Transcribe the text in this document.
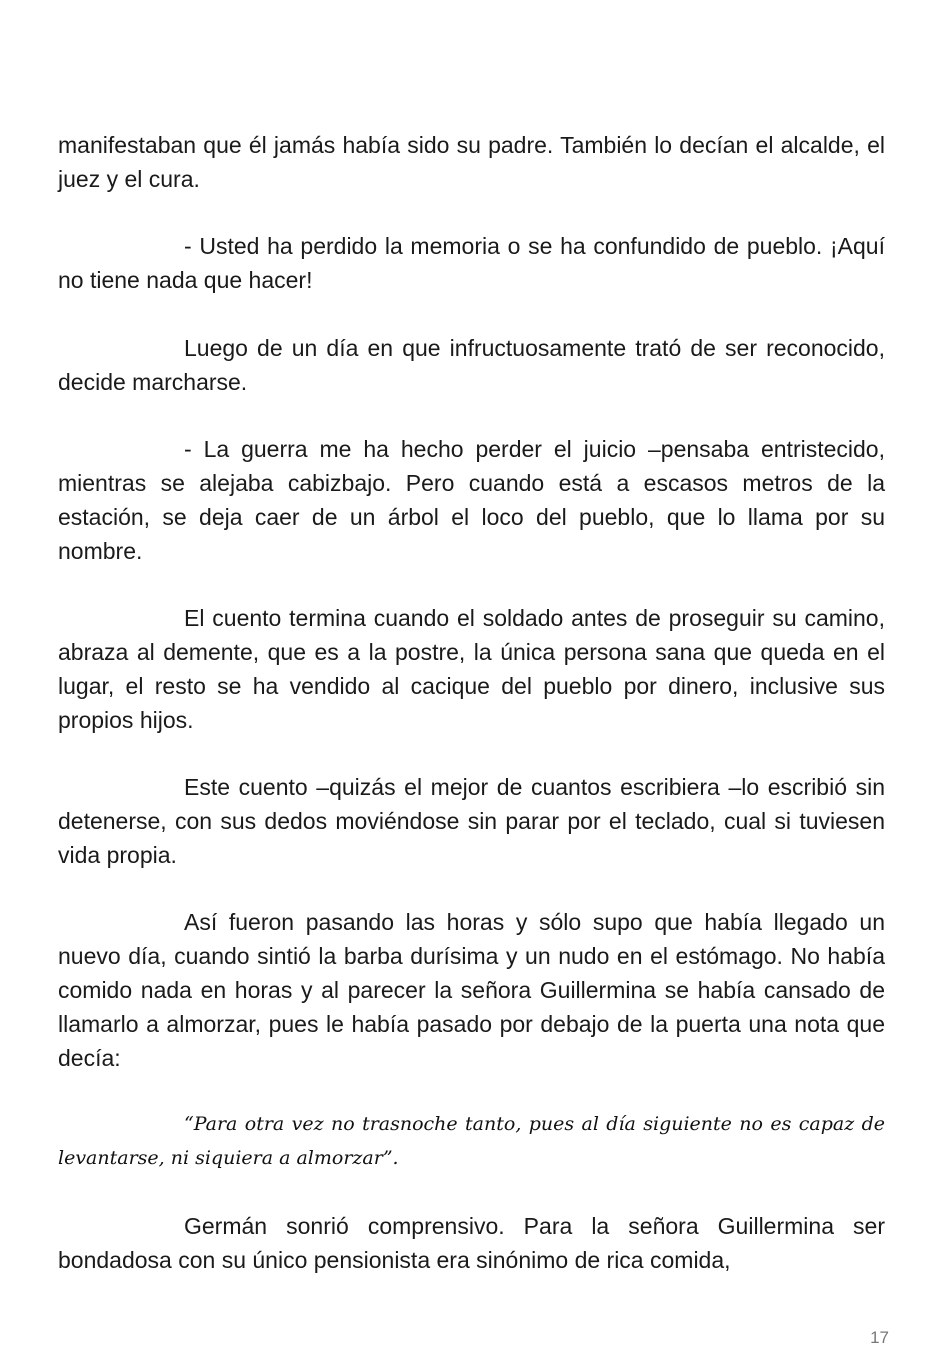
manifestaban que él jamás había sido su padre. También lo decían el alcalde, el juez y el cura.

- Usted ha perdido la memoria o se ha confundido de pueblo. ¡Aquí no tiene nada que hacer!

Luego de un día en que infructuosamente trató de ser reconocido, decide marcharse.

- La guerra me ha hecho perder el juicio –pensaba entristecido, mientras se alejaba cabizbajo. Pero cuando está a escasos metros de la estación, se deja caer de un árbol el loco del pueblo, que lo llama por su nombre.

El cuento termina cuando el soldado antes de proseguir su camino, abraza al demente, que es a la postre, la única persona sana que queda en el lugar, el resto se ha vendido al cacique del pueblo por dinero, inclusive sus propios hijos.

Este cuento –quizás el mejor de cuantos escribiera –lo escribió sin detenerse, con sus dedos moviéndose sin parar por el teclado, cual si tuviesen vida propia.

Así fueron pasando las horas y sólo supo que había llegado un nuevo día, cuando sintió la barba durísima y un nudo en el estómago. No había comido nada en horas y al parecer la señora Guillermina se había cansado de llamarlo a almorzar, pues le había pasado por debajo de la puerta una nota que decía:

“Para otra vez no trasnoche tanto, pues al día siguiente no es capaz de levantarse, ni siquiera a almorzar”.

Germán sonrió comprensivo. Para la señora Guillermina ser bondadosa con su único pensionista era sinónimo de rica comida,

17
